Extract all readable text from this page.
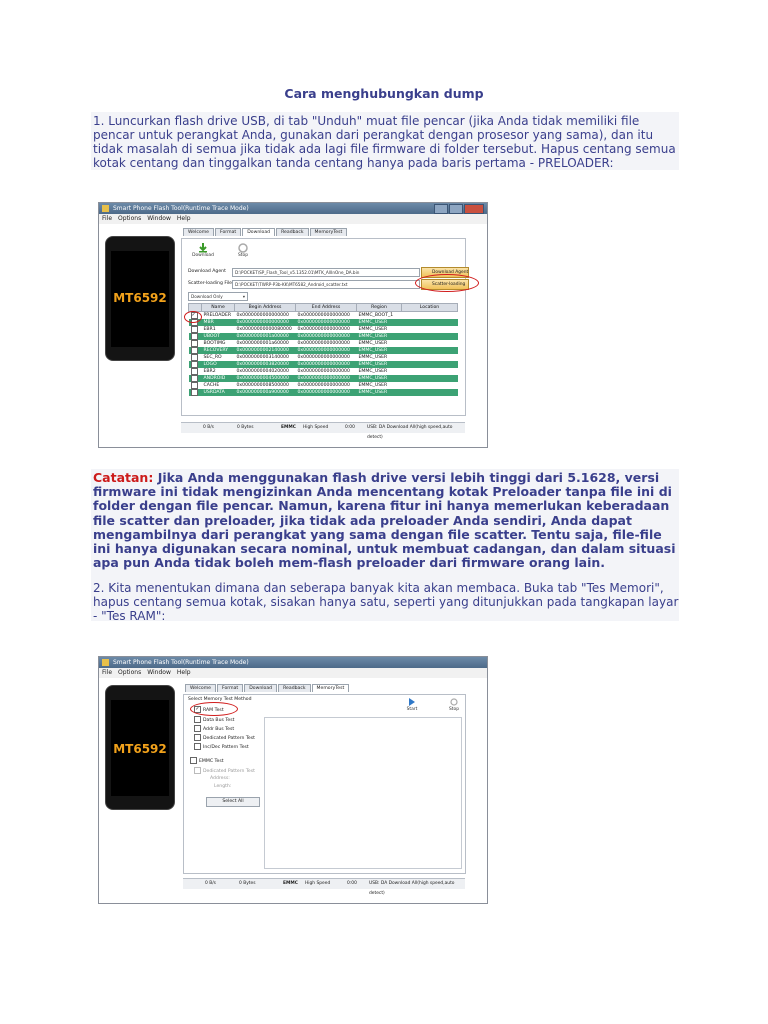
Cara menghubungkan dump
1. Luncurkan flash drive USB, di tab "Unduh" muat file pencar (jika Anda tidak memiliki file pencar untuk perangkat Anda, gunakan dari perangkat dengan prosesor yang sama), dan itu tidak masalah di semua jika tidak ada lagi file firmware di folder tersebut. Hapus centang semua kotak centang dan tinggalkan tanda centang hanya pada baris pertama - PRELOADER:
Smart Phone Flash Tool(Runtime Trace Mode)
File Options Window Help
MT6592
Welcome	Format	Download	Readback	MemoryTest
Download	Stop
Download Agent	D:\POCKET\SP_Flash_Tool_v5.1352.01\MTK_AllInOne_DA.bin	Download Agent
Scatter-loading File D:\POCKET\TWRP-P3b-KK\MT6582_Android_scatter.txt	Scatter-loading
Download Only	▾
	Name	Begin Address	End Address	Region	Location
✓	PRELOADER	0x0000000000000000	0x0000000000000000	EMMC_BOOT_1	
	MBR	0x0000000000000000	0x0000000000000000	EMMC_USER	
	EBR1	0x00000000000080000	0x0000000000000000	EMMC_USER	
	UBOOT	0x0000000001a00000	0x0000000000000000	EMMC_USER	
	BOOTIMG	0x0000000001a60000	0x0000000000000000	EMMC_USER	
	RECOVERY	0x0000000002140000	0x0000000000000000	EMMC_USER	
	SEC_RO	0x0000000003140000	0x0000000000000000	EMMC_USER	
	LOGO	0x0000000003820000	0x0000000000000000	EMMC_USER	
	EBR2	0x0000000004020000	0x0000000000000000	EMMC_USER	
	ANDROID	0x0000000004500000	0x0000000000000000	EMMC_USER	
	CACHE	0x0000000008500000	0x0000000000000000	EMMC_USER	
	USRDATA	0x000000000a900000	0x0000000000000000	EMMC_USER	
0 B/s	0 Bytes	EMMC High Speed	0:00	USB: DA Download All(high speed,auto detect)
Catatan: Jika Anda menggunakan flash drive versi lebih tinggi dari 5.1628, versi firmware ini tidak mengizinkan Anda mencentang kotak Preloader tanpa file ini di folder dengan file pencar. Namun, karena fitur ini hanya memerlukan keberadaan file scatter dan preloader, jika tidak ada preloader Anda sendiri, Anda dapat mengambilnya dari perangkat yang sama dengan file scatter. Tentu saja, file-file ini hanya digunakan secara nominal, untuk membuat cadangan, dan dalam situasi apa pun Anda tidak boleh mem-flash preloader dari firmware orang lain.
2. Kita menentukan dimana dan seberapa banyak kita akan membaca. Buka tab "Tes Memori", hapus centang semua kotak, sisakan hanya satu, seperti yang ditunjukkan pada tangkapan layar - "Tes RAM":
Smart Phone Flash Tool(Runtime Trace Mode)
File Options Window Help
MT6592
Welcome	Format	Download	Readback	MemoryTest
Select Memory Test Method
✓ RAM Test
Data Bus Test
Addr Bus Test
Dedicated Pattern Test
Inc/Dec Pattern Test
EMMC Test
Dedicated Pattern Test
Address:
Length:
Select All
Start	Stop
0 B/s	0 Bytes	EMMC High Speed	0:00	USB: DA Download All(high speed,auto detect)
